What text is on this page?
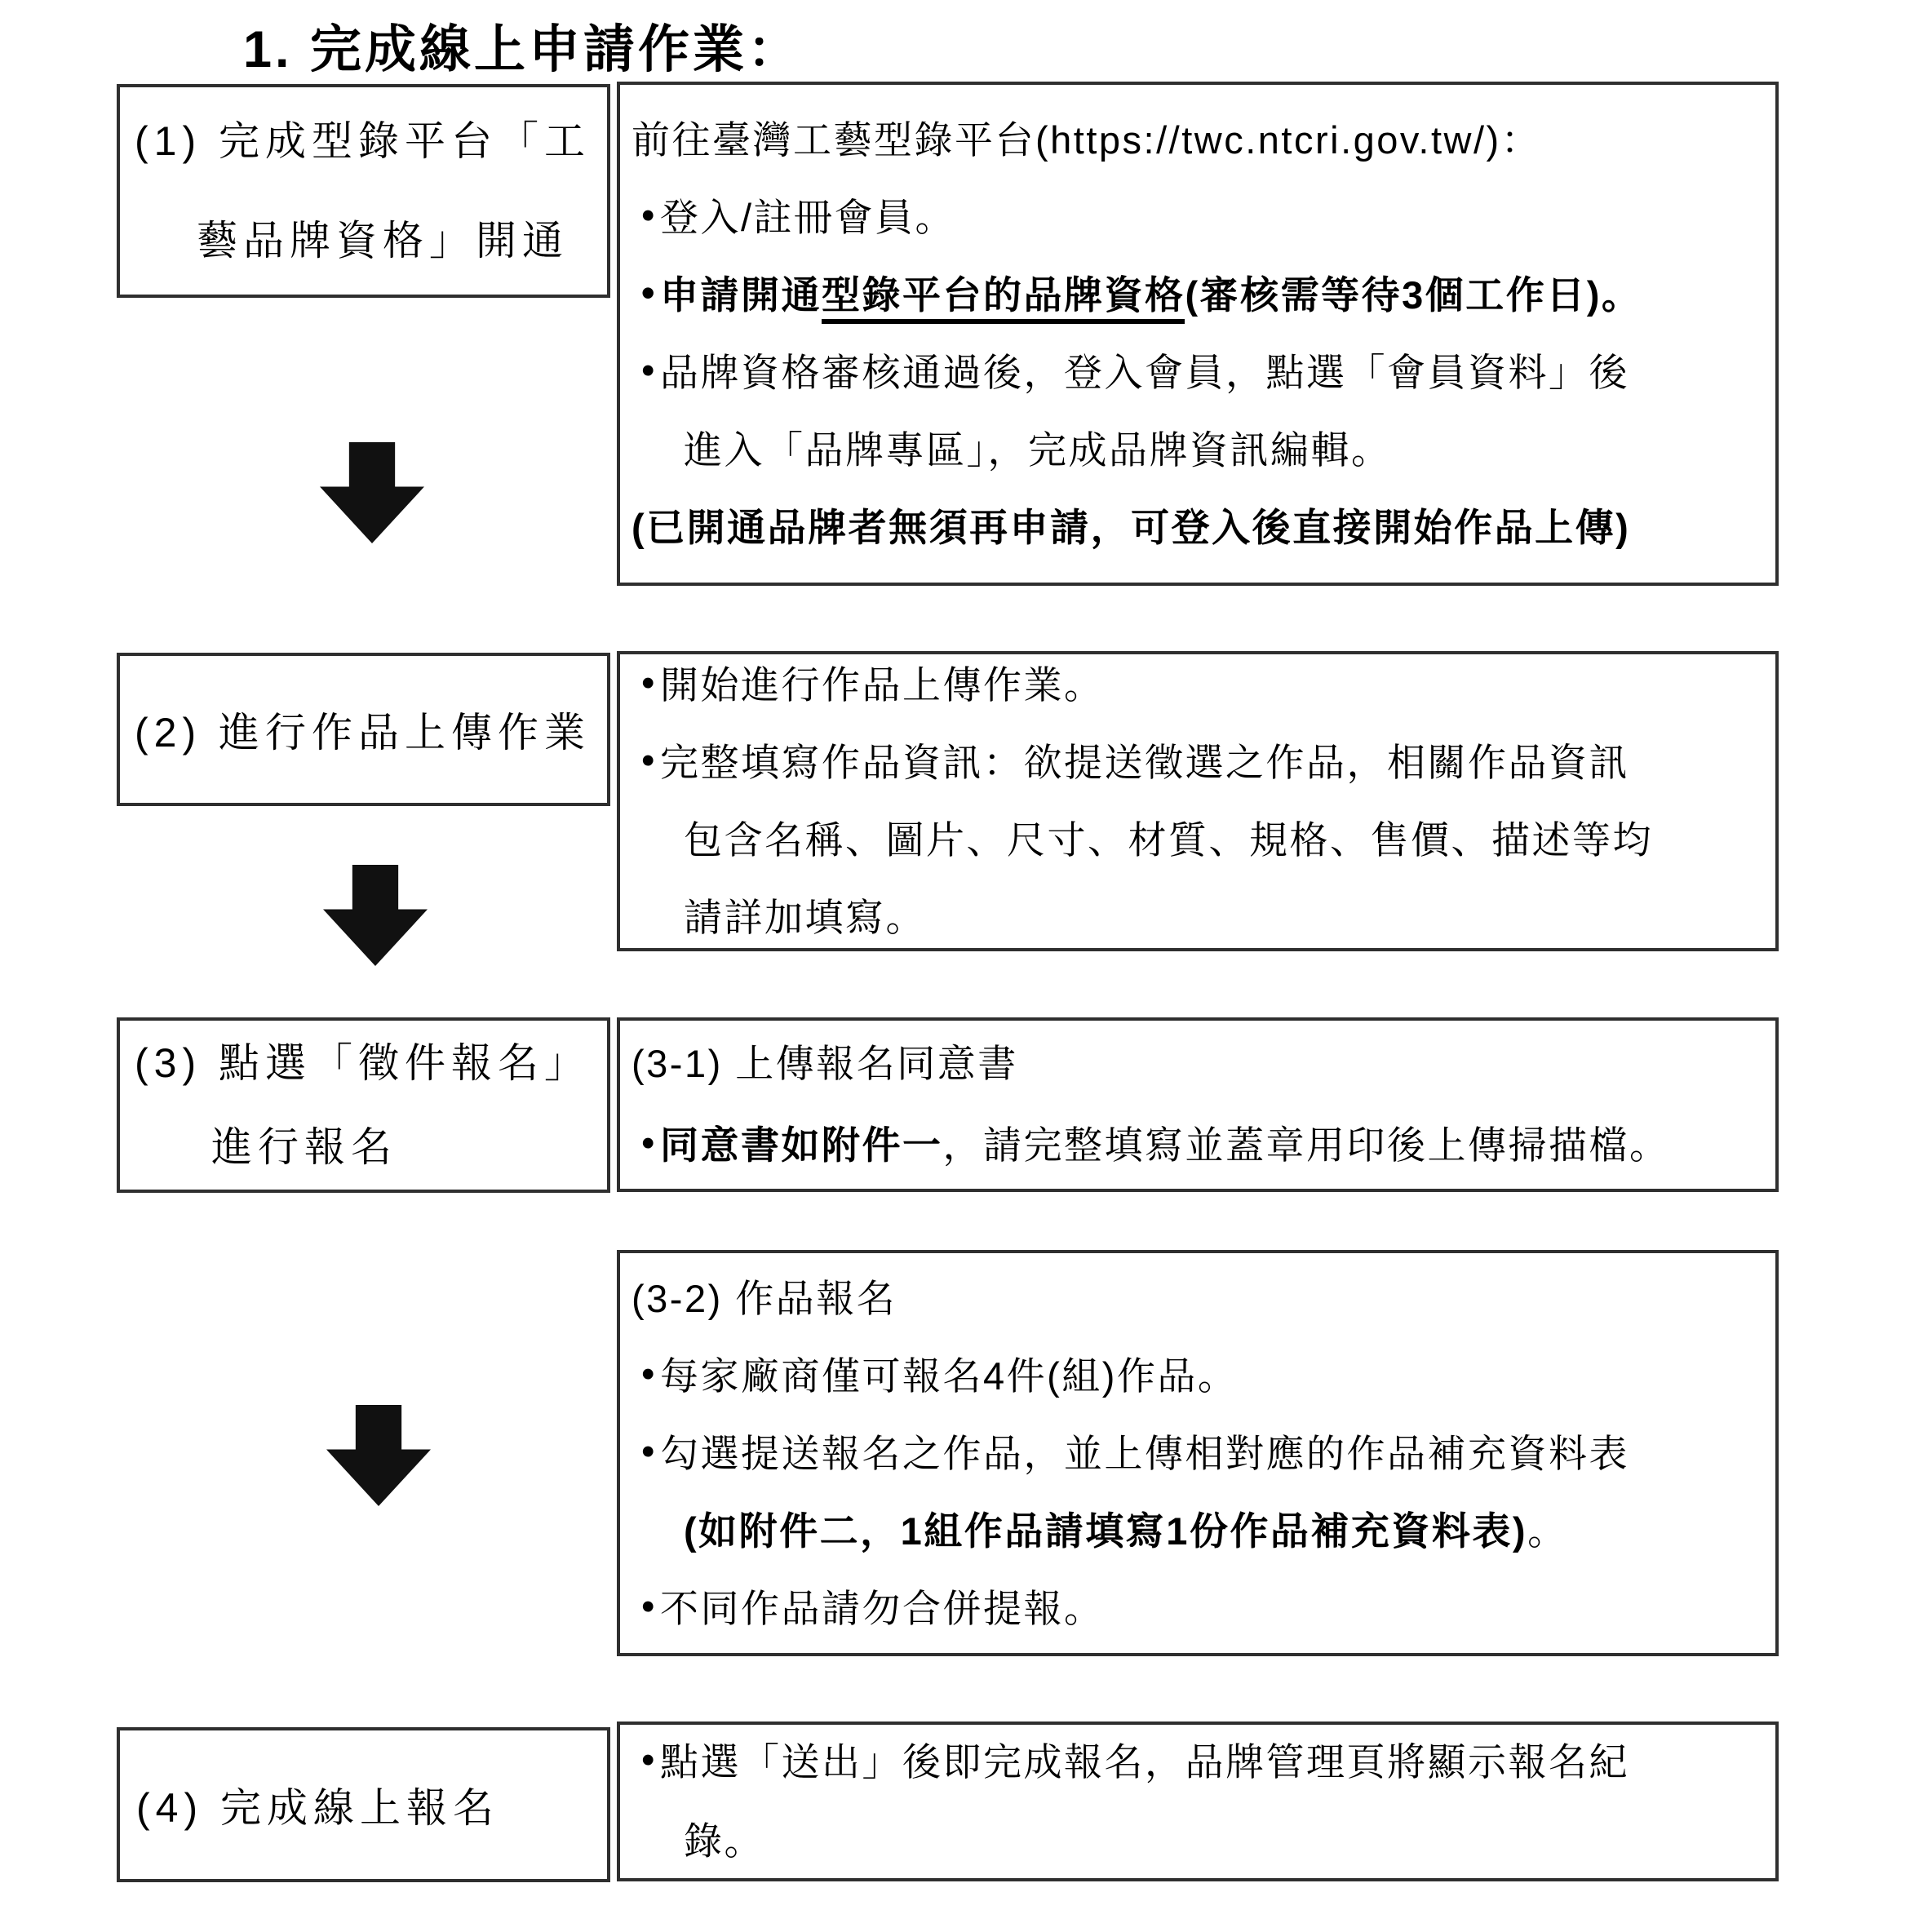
1. 完成線上申請作業：
(1) 完成型錄平台「工
藝品牌資格」開通
前往臺灣工藝型錄平台(https://twc.ntcri.gov.tw/)：
•登入/註冊會員。
•申請開通型錄平台的品牌資格(審核需等待3個工作日)。
•品牌資格審核通過後，登入會員，點選「會員資料」後
進入「品牌專區」，完成品牌資訊編輯。
(已開通品牌者無須再申請，可登入後直接開始作品上傳)
(2) 進行作品上傳作業
•開始進行作品上傳作業。
•完整填寫作品資訊：欲提送徵選之作品，相關作品資訊
包含名稱、圖片、尺寸、材質、規格、售價、描述等均
請詳加填寫。
(3) 點選「徵件報名」
進行報名
(3-1) 上傳報名同意書
•同意書如附件一，請完整填寫並蓋章用印後上傳掃描檔。
(3-2) 作品報名
•每家廠商僅可報名4件(組)作品。
•勾選提送報名之作品，並上傳相對應的作品補充資料表
(如附件二，1組作品請填寫1份作品補充資料表)。
•不同作品請勿合併提報。
(4) 完成線上報名
•點選「送出」後即完成報名，品牌管理頁將顯示報名紀
錄。
